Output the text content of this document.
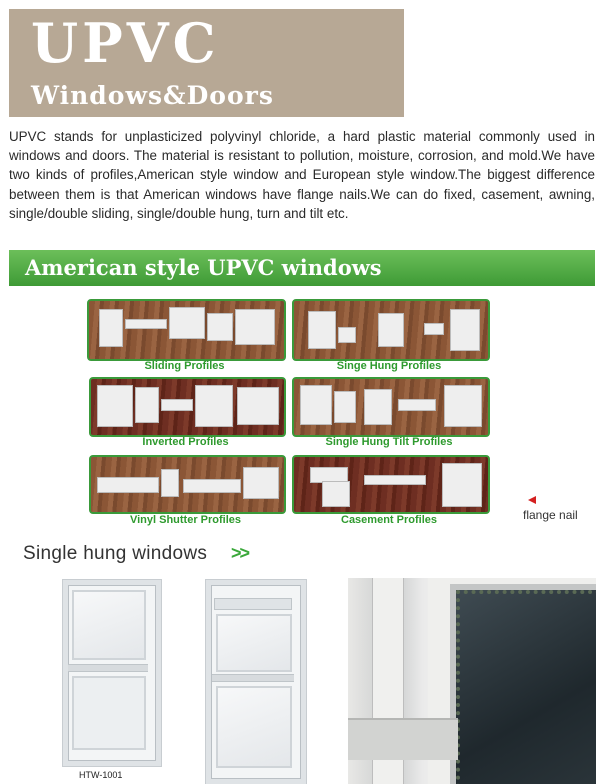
UPVC
Windows&Doors
UPVC stands for unplasticized polyvinyl chloride, a hard plastic material commonly used in windows and doors. The material is resistant to pollution, moisture, corrosion, and mold.We have two kinds of profiles,American style window and European style window.The biggest difference between them is that American windows have flange nails.We can do fixed, casement, awning, single/double sliding, single/double hung, turn and tilt etc.
American style UPVC windows
Sliding Profiles	Singe Hung Profiles
Inverted Profiles	Single Hung Tilt Profiles
Vinyl Shutter Profiles	Casement Profiles	flange nail
Single hung windows >>
HTW-1001
